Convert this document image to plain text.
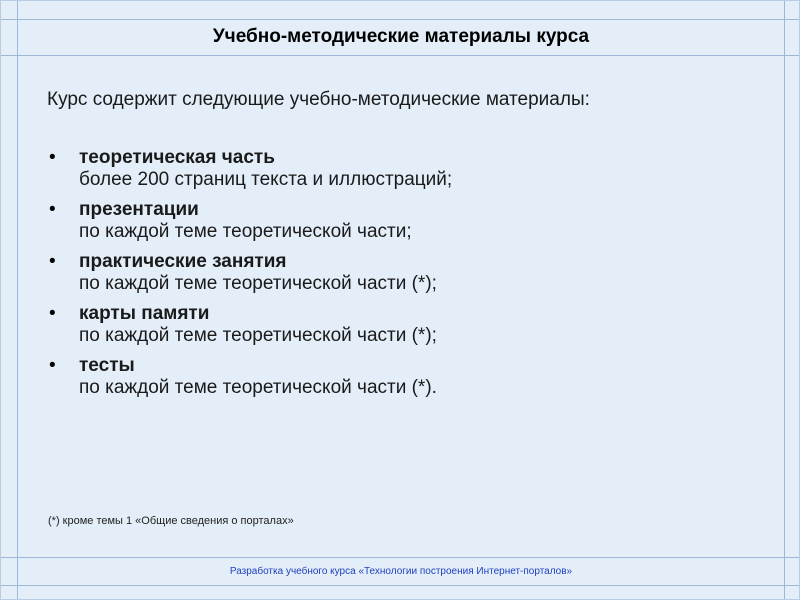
Учебно-методические материалы курса
Курс содержит следующие учебно-методические материалы:
• теоретическая часть
более 200 страниц текста и иллюстраций;
• презентации
по каждой теме теоретической части;
• практические занятия
по каждой теме теоретической части (*);
• карты памяти
по каждой теме теоретической части (*);
• тесты
по каждой теме теоретической части (*).
(*) кроме темы 1 «Общие сведения о порталах»
Разработка учебного курса «Технологии построения Интернет-порталов»
